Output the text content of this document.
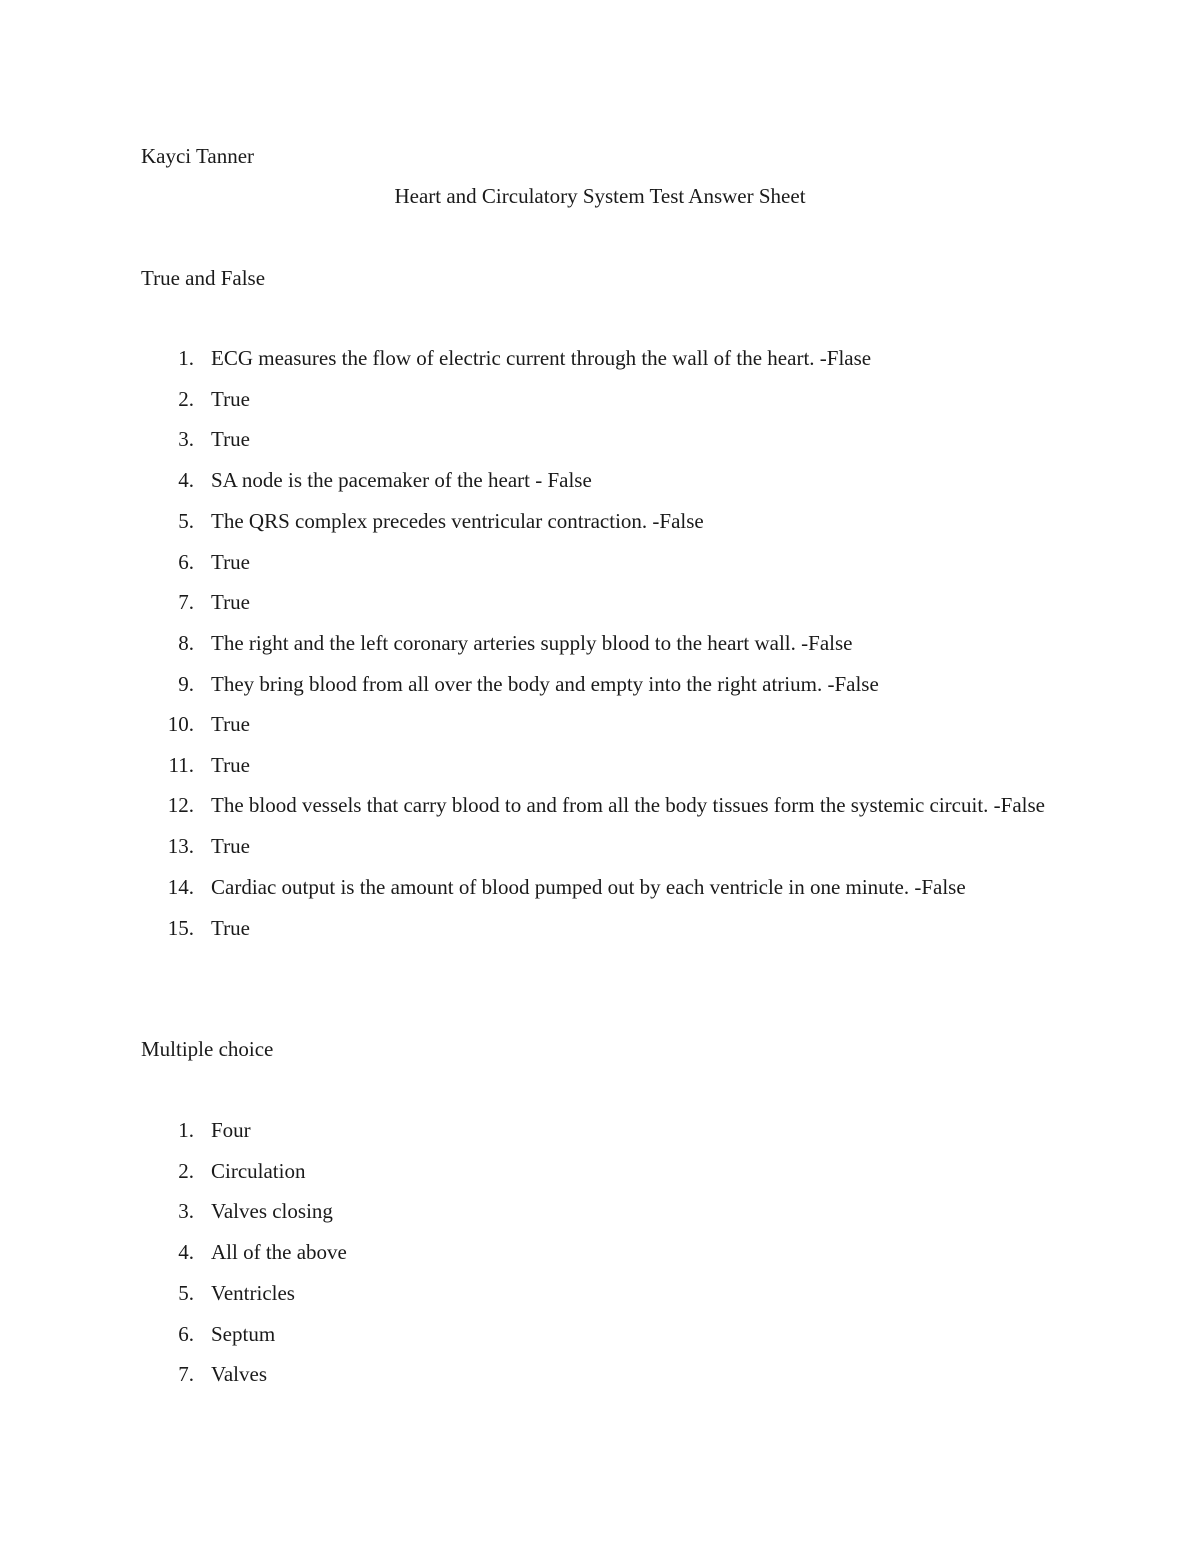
Kayci Tanner
Heart and Circulatory System Test Answer Sheet
True and False
1. ECG measures the flow of electric current through the wall of the heart. -Flase
2. True
3. True
4. SA node is the pacemaker of the heart - False
5. The QRS complex precedes ventricular contraction. -False
6. True
7. True
8. The right and the left coronary arteries supply blood to the heart wall. -False
9. They bring blood from all over the body and empty into the right atrium. -False
10. True
11. True
12. The blood vessels that carry blood to and from all the body tissues form the systemic circuit. -False
13. True
14. Cardiac output is the amount of blood pumped out by each ventricle in one minute. -False
15. True
Multiple choice
1. Four
2. Circulation
3. Valves closing
4. All of the above
5. Ventricles
6. Septum
7. Valves
